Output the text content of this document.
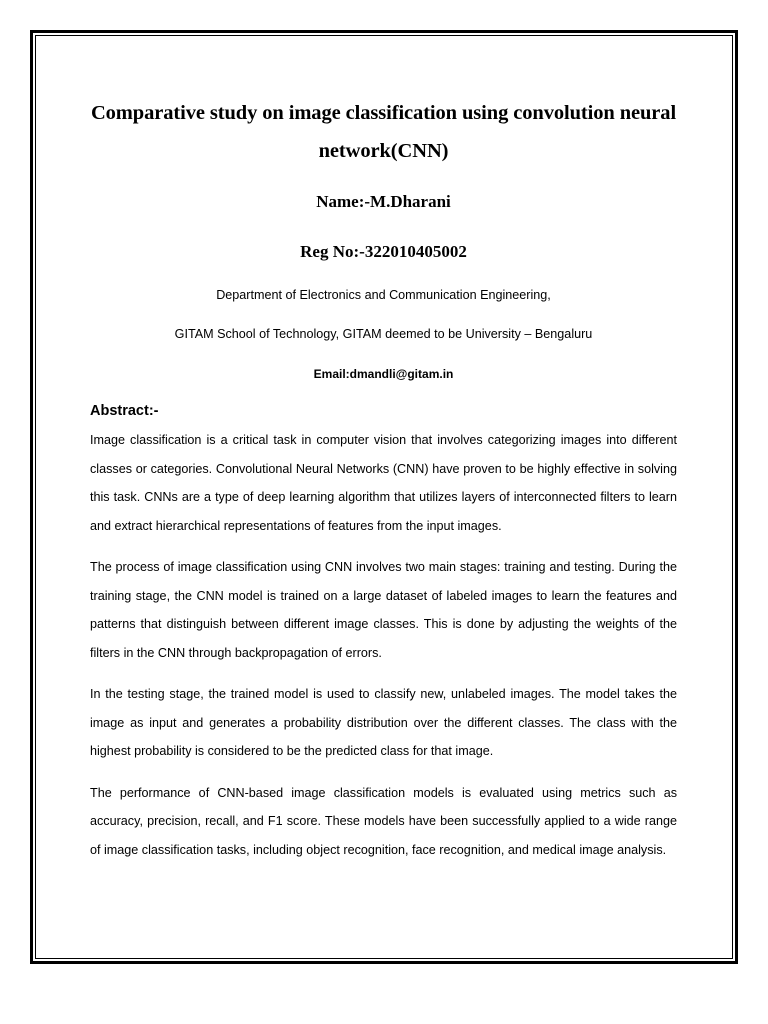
Comparative study on image classification using convolution neural network(CNN)
Name:-M.Dharani
Reg No:-322010405002
Department of Electronics and Communication Engineering,
GITAM School of Technology, GITAM deemed to be University – Bengaluru
Email:dmandli@gitam.in
Abstract:-

Image classification is a critical task in computer vision that involves categorizing images into different classes or categories. Convolutional Neural Networks (CNN) have proven to be highly effective in solving this task. CNNs are a type of deep learning algorithm that utilizes layers of interconnected filters to learn and extract hierarchical representations of features from the input images.

The process of image classification using CNN involves two main stages: training and testing. During the training stage, the CNN model is trained on a large dataset of labeled images to learn the features and patterns that distinguish between different image classes. This is done by adjusting the weights of the filters in the CNN through backpropagation of errors.

In the testing stage, the trained model is used to classify new, unlabeled images. The model takes the image as input and generates a probability distribution over the different classes. The class with the highest probability is considered to be the predicted class for that image.

The performance of CNN-based image classification models is evaluated using metrics such as accuracy, precision, recall, and F1 score. These models have been successfully applied to a wide range of image classification tasks, including object recognition, face recognition, and medical image analysis.
